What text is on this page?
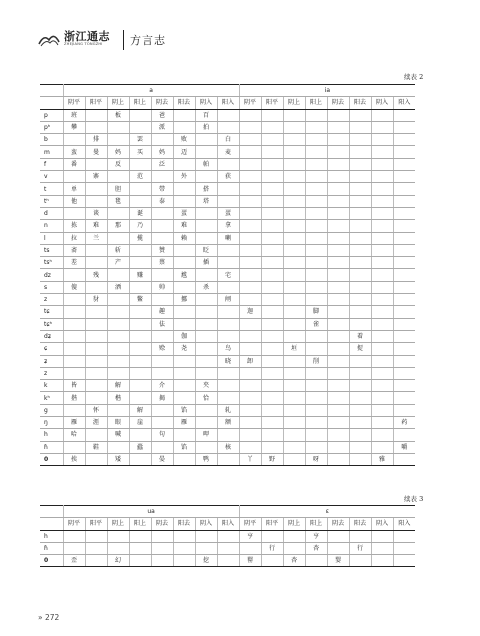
浙江通志
ZHEJIANG TONGZHI 方言志
续表 2
	a								ia							
	阴平	阳平	阴上	阳上	阴去	阳去	阴入	阳入	阴平	阳平	阴上	阳上	阴去	阳去	阴入	阳入
p	班		板		爸		百									
pʰ	攀				派		拍									
b		排		罢		败		白								
m	蛮	曼	妈	买	妈	迈		麦								
f	番		反		泛		帕									
v		寨		范		外		获								
t	单		胆		带		搭									
tʰ	他		毯		泰		塔									
d		谈		诞		蛋		蛋								
n	拣	难	那	乃		难		拿								
l	拉	兰		揽		赖		喇								
ts	斋		斩		赞		眨									
tsʰ	差		产		蔡		插									
dz		残		赚		尴		宅								
s	傻		洒		帅		杀									
z		豺		鳖		挪		闸								
tɕ					趣				迦			脚				
tɕʰ					佉							雀				
dʑ						伽								着		
ɕ					赊	尧		鸟			垣			捉		
ʑ								晓	卸			削				
z																
k	皆		解		介		夹									
kʰ	揩		楷		揭		恰									
g		怀		解		馅		轧								
ŋ	雁	涯	眼	崖		雁		额								药
h	哈		喊		句		呷									
ɦ		鞋		蠹		馅		核								嚼
0	挨		矮		晏		鸭		丫	野		呀			雅	
续表 3
	ua								ε							
	阴平	阳平	阴上	阳上	阴去	阳去	阴入	阳入	阴平	阳平	阴上	阳上	阴去	阳去	阴入	阳入
h									亨			亨				
ɦ										行		杏		行		
0	歪		幻				挖		罂		杏		婴			
» 272
